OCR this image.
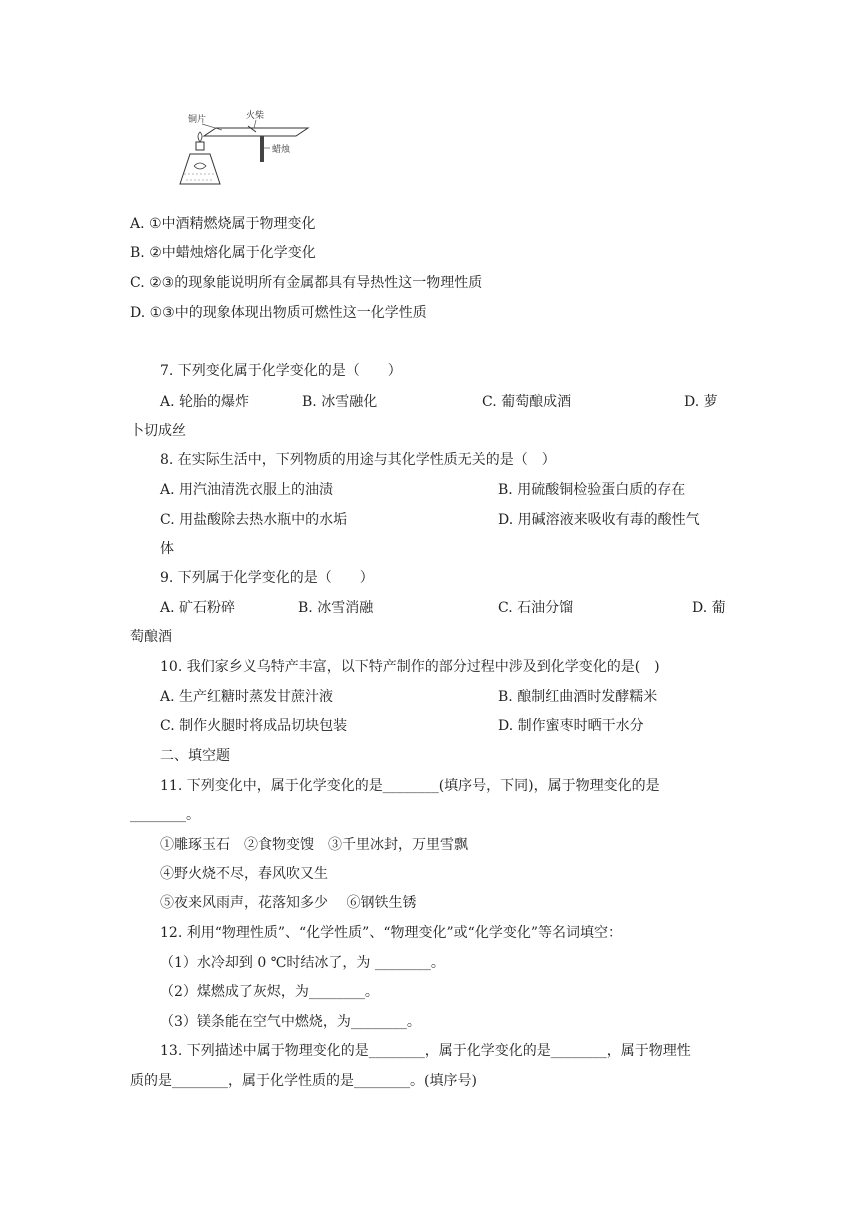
铜片	火柴
蜡烛
A. ①中酒精燃烧属于物理变化
B. ②中蜡烛熔化属于化学变化
C. ②③的现象能说明所有金属都具有导热性这一物理性质
D. ①③中的现象体现出物质可燃性这一化学性质
7. 下列变化属于化学变化的是（　　）
A. 轮胎的爆炸	B. 冰雪融化	C. 葡萄酿成酒	D. 萝
卜切成丝
8. 在实际生活中，下列物质的用途与其化学性质无关的是（　）
A. 用汽油清洗衣服上的油渍	B. 用硫酸铜检验蛋白质的存在
C. 用盐酸除去热水瓶中的水垢	D. 用碱溶液来吸收有毒的酸性气
体
9. 下列属于化学变化的是（　　）
A. 矿石粉碎	B. 冰雪消融	C. 石油分馏	D. 葡
萄酿酒
10. 我们家乡义乌特产丰富，以下特产制作的部分过程中涉及到化学变化的是(　)
A. 生产红糖时蒸发甘蔗汁液	B. 酿制红曲酒时发酵糯米
C. 制作火腿时将成品切块包装	D. 制作蜜枣时晒干水分
二、填空题
11. 下列变化中，属于化学变化的是________(填序号，下同)，属于物理变化的是
________。
①雕琢玉石　②食物变馊　③千里冰封，万里雪飘
④野火烧不尽，春风吹又生
⑤夜来风雨声，花落知多少　 ⑥钢铁生锈
12. 利用“物理性质”、“化学性质”、“物理变化”或“化学变化”等名词填空：
（1）水冷却到 0 ℃时结冰了，为 ________。
（2）煤燃成了灰烬，为________。
（3）镁条能在空气中燃烧，为________。
13. 下列描述中属于物理变化的是________，属于化学变化的是________，属于物理性
质的是________，属于化学性质的是________。(填序号)
